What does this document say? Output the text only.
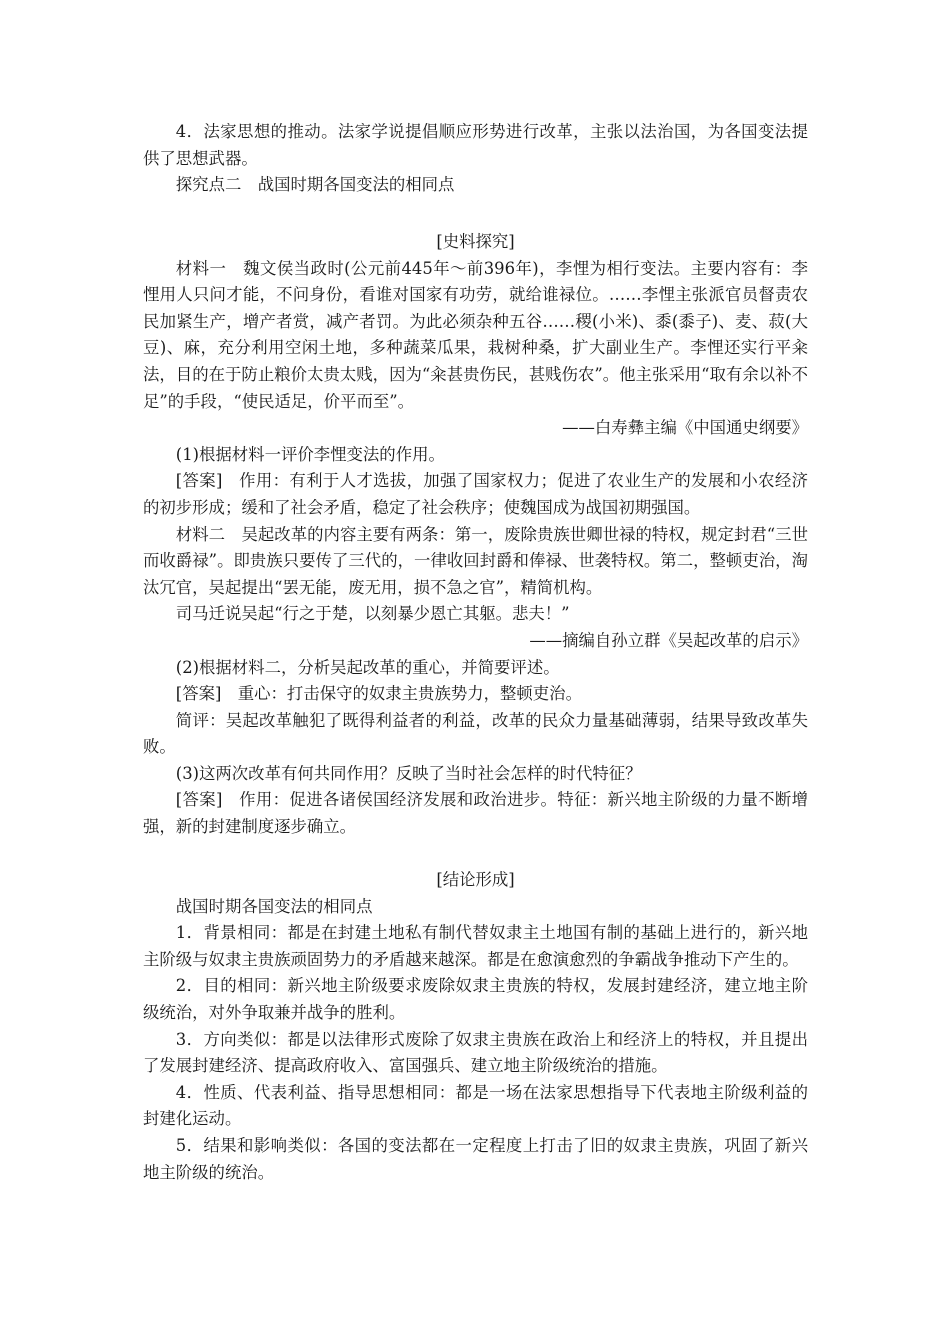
4．法家思想的推动。法家学说提倡顺应形势进行改革，主张以法治国，为各国变法提供了思想武器。

探究点二　战国时期各国变法的相同点

[史料探究]

材料一 魏文侯当政时(公元前445年～前396年)，李悝为相行变法。主要内容有：李悝用人只问才能，不问身份，看谁对国家有功劳，就给谁禄位。……李悝主张派官员督责农民加紧生产，增产者赏，减产者罚。为此必须杂种五谷……稷(小米)、黍(黍子)、麦、菽(大豆)、麻，充分利用空闲土地，多种蔬菜瓜果，栽树种桑，扩大副业生产。李悝还实行平籴法，目的在于防止粮价太贵太贱，因为“籴甚贵伤民，甚贱伤农”。他主张采用“取有余以补不足”的手段，“使民适足，价平而至”。

——白寿彝主编《中国通史纲要》

(1)根据材料一评价李悝变法的作用。

[答案] 作用：有利于人才选拔，加强了国家权力；促进了农业生产的发展和小农经济的初步形成；缓和了社会矛盾，稳定了社会秩序；使魏国成为战国初期强国。

材料二 吴起改革的内容主要有两条：第一，废除贵族世卿世禄的特权，规定封君“三世而收爵禄”。即贵族只要传了三代的，一律收回封爵和俸禄、世袭特权。第二，整顿吏治，淘汰冗官，吴起提出“罢无能，废无用，损不急之官”，精简机构。

司马迁说吴起“行之于楚，以刻暴少恩亡其躯。悲夫！”

——摘编自孙立群《吴起改革的启示》

(2)根据材料二，分析吴起改革的重心，并简要评述。

[答案] 重心：打击保守的奴隶主贵族势力，整顿吏治。

简评：吴起改革触犯了既得利益者的利益，改革的民众力量基础薄弱，结果导致改革失败。

(3)这两次改革有何共同作用？反映了当时社会怎样的时代特征？

[答案] 作用：促进各诸侯国经济发展和政治进步。特征：新兴地主阶级的力量不断增强，新的封建制度逐步确立。

[结论形成]

战国时期各国变法的相同点

1．背景相同：都是在封建土地私有制代替奴隶主土地国有制的基础上进行的，新兴地主阶级与奴隶主贵族顽固势力的矛盾越来越深。都是在愈演愈烈的争霸战争推动下产生的。

2．目的相同：新兴地主阶级要求废除奴隶主贵族的特权，发展封建经济，建立地主阶级统治，对外争取兼并战争的胜利。

3．方向类似：都是以法律形式废除了奴隶主贵族在政治上和经济上的特权，并且提出了发展封建经济、提高政府收入、富国强兵、建立地主阶级统治的措施。

4．性质、代表利益、指导思想相同：都是一场在法家思想指导下代表地主阶级利益的封建化运动。

5．结果和影响类似：各国的变法都在一定程度上打击了旧的奴隶主贵族，巩固了新兴地主阶级的统治。
